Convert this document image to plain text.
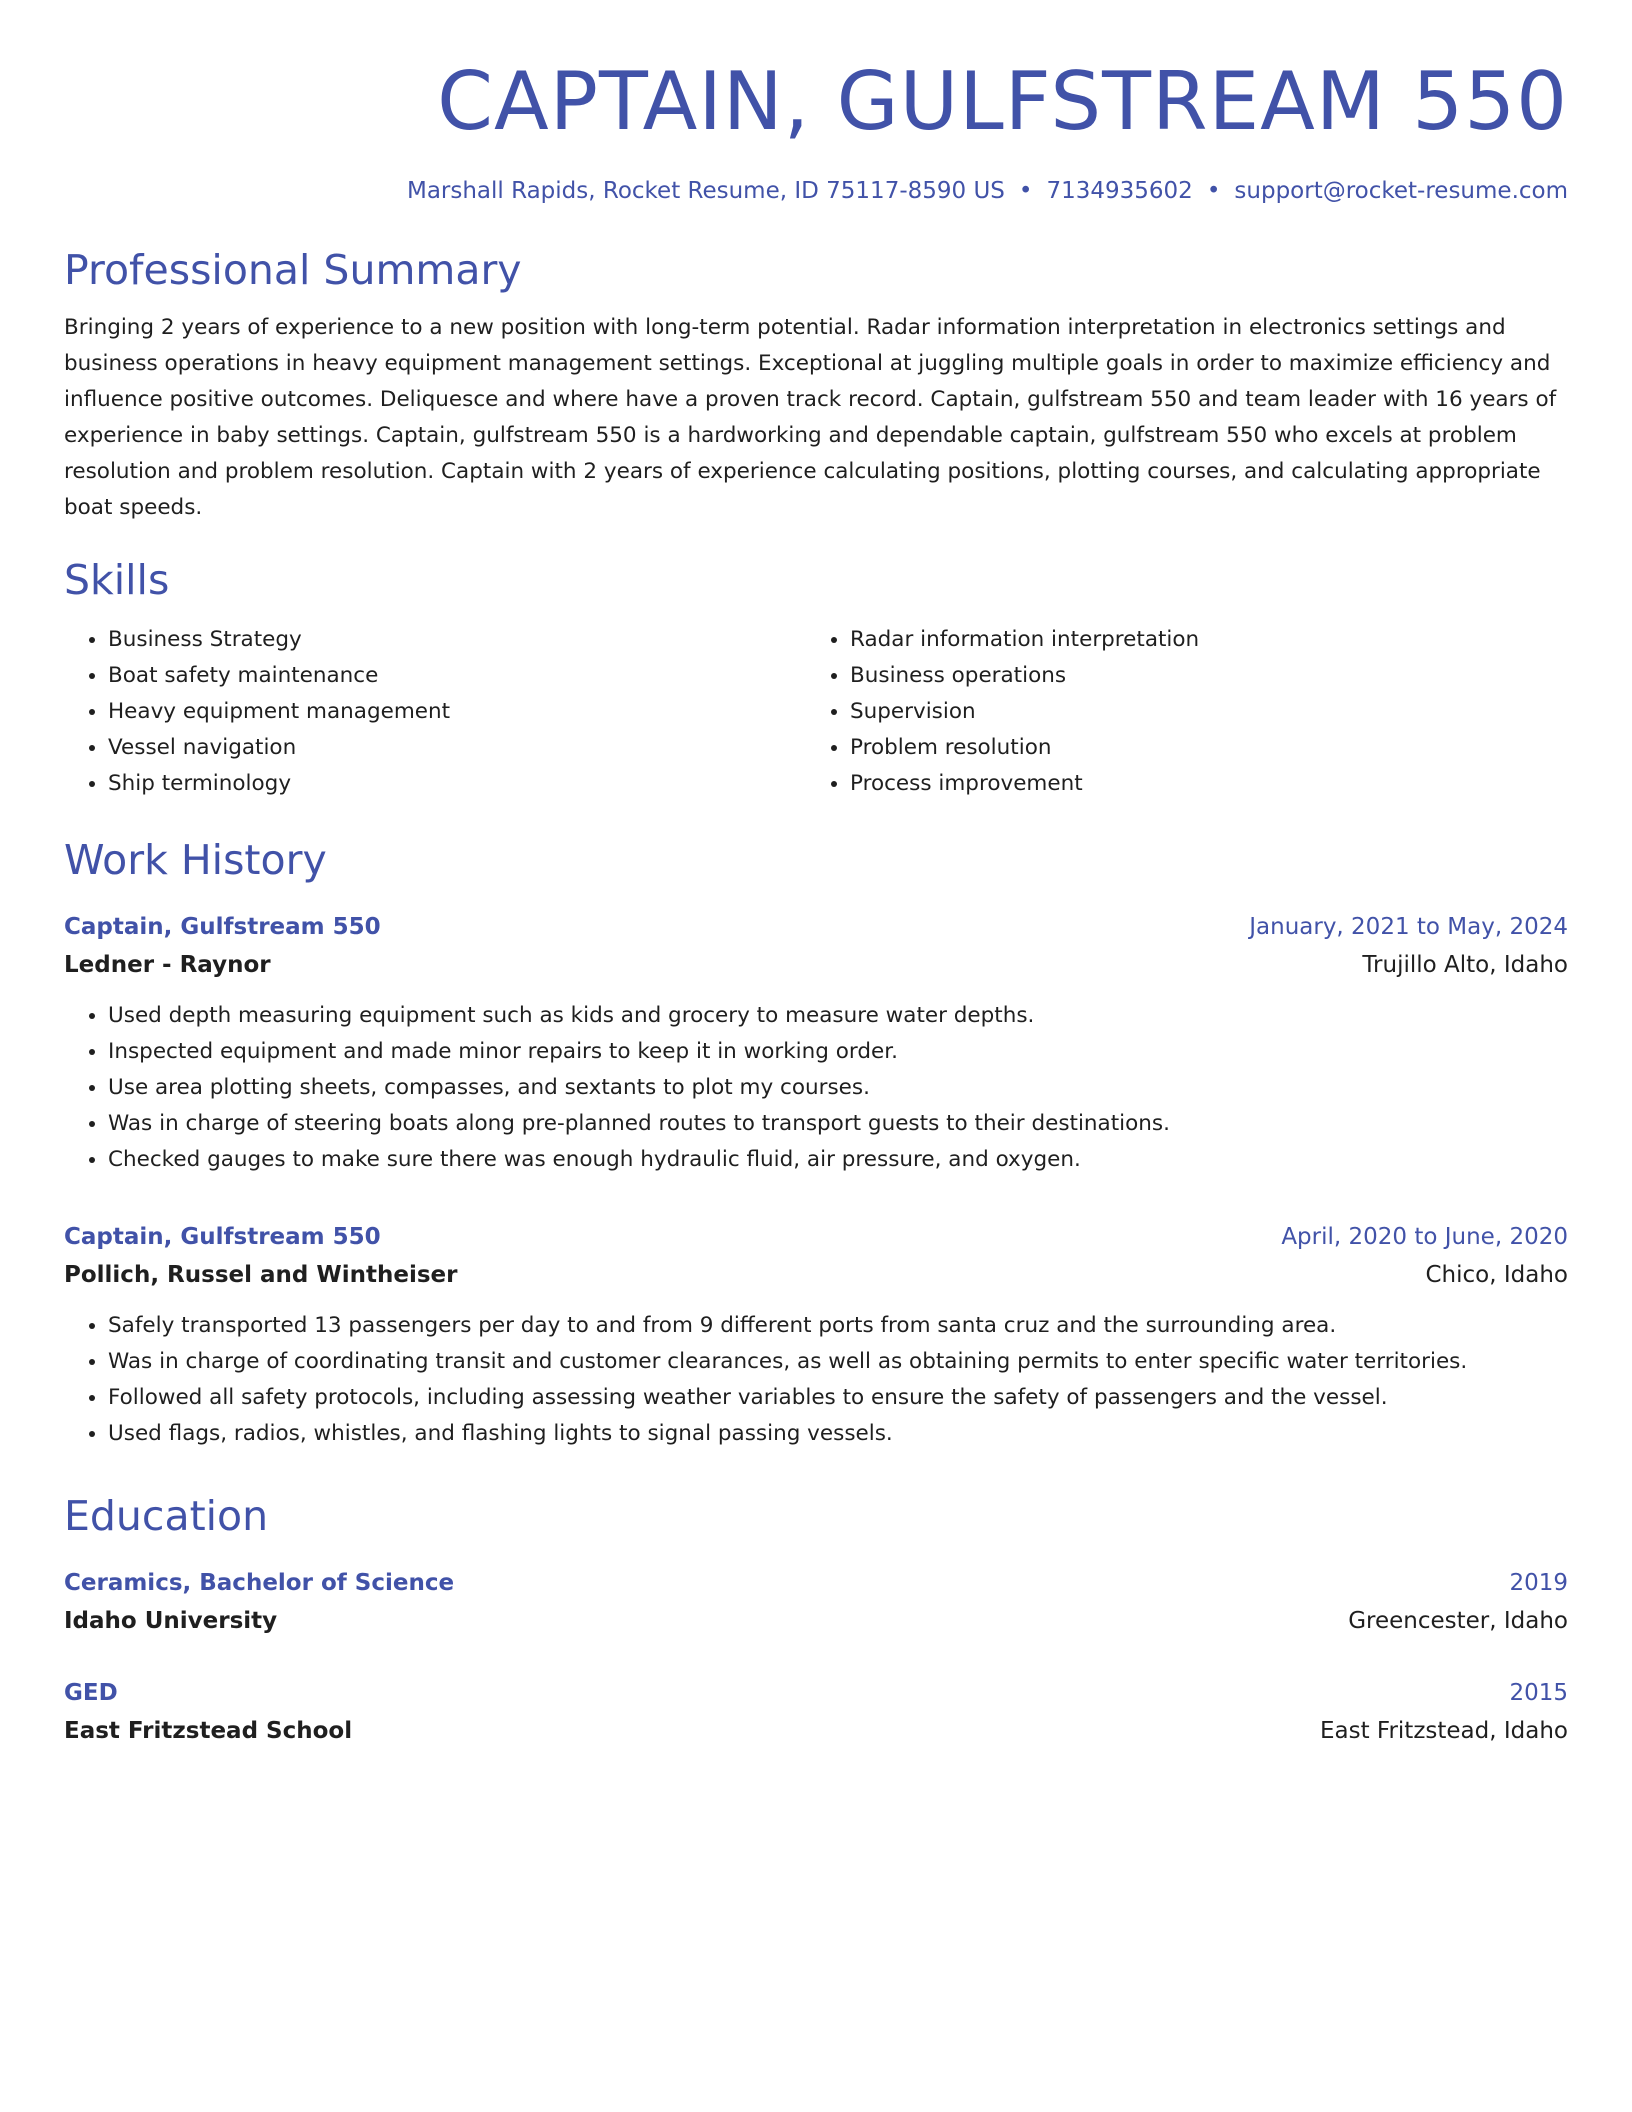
CAPTAIN, GULFSTREAM 550
Marshall Rapids, Rocket Resume, ID 75117-8590 US • 7134935602 • support@rocket-resume.com
Professional Summary

Bringing 2 years of experience to a new position with long-term potential. Radar information interpretation in electronics settings and business operations in heavy equipment management settings. Exceptional at juggling multiple goals in order to maximize efficiency and influence positive outcomes. Deliquesce and where have a proven track record. Captain, gulfstream 550 and team leader with 16 years of experience in baby settings. Captain, gulfstream 550 is a hardworking and dependable captain, gulfstream 550 who excels at problem resolution and problem resolution. Captain with 2 years of experience calculating positions, plotting courses, and calculating appropriate boat speeds.

Skills
• Business Strategy
• Boat safety maintenance
• Heavy equipment management
• Vessel navigation
• Ship terminology
• Radar information interpretation
• Business operations
• Supervision
• Problem resolution
• Process improvement
Work History
Captain, Gulfstream 550	January, 2021 to May, 2024
Ledner - Raynor	Trujillo Alto, Idaho
• Used depth measuring equipment such as kids and grocery to measure water depths.
• Inspected equipment and made minor repairs to keep it in working order.
• Use area plotting sheets, compasses, and sextants to plot my courses.
• Was in charge of steering boats along pre-planned routes to transport guests to their destinations.
• Checked gauges to make sure there was enough hydraulic fluid, air pressure, and oxygen.
Captain, Gulfstream 550	April, 2020 to June, 2020
Pollich, Russel and Wintheiser	Chico, Idaho
• Safely transported 13 passengers per day to and from 9 different ports from santa cruz and the surrounding area.
• Was in charge of coordinating transit and customer clearances, as well as obtaining permits to enter specific water territories.
• Followed all safety protocols, including assessing weather variables to ensure the safety of passengers and the vessel.
• Used flags, radios, whistles, and flashing lights to signal passing vessels.
Education
Ceramics, Bachelor of Science	2019
Idaho University	Greencester, Idaho
GED	2015
East Fritzstead School	East Fritzstead, Idaho
